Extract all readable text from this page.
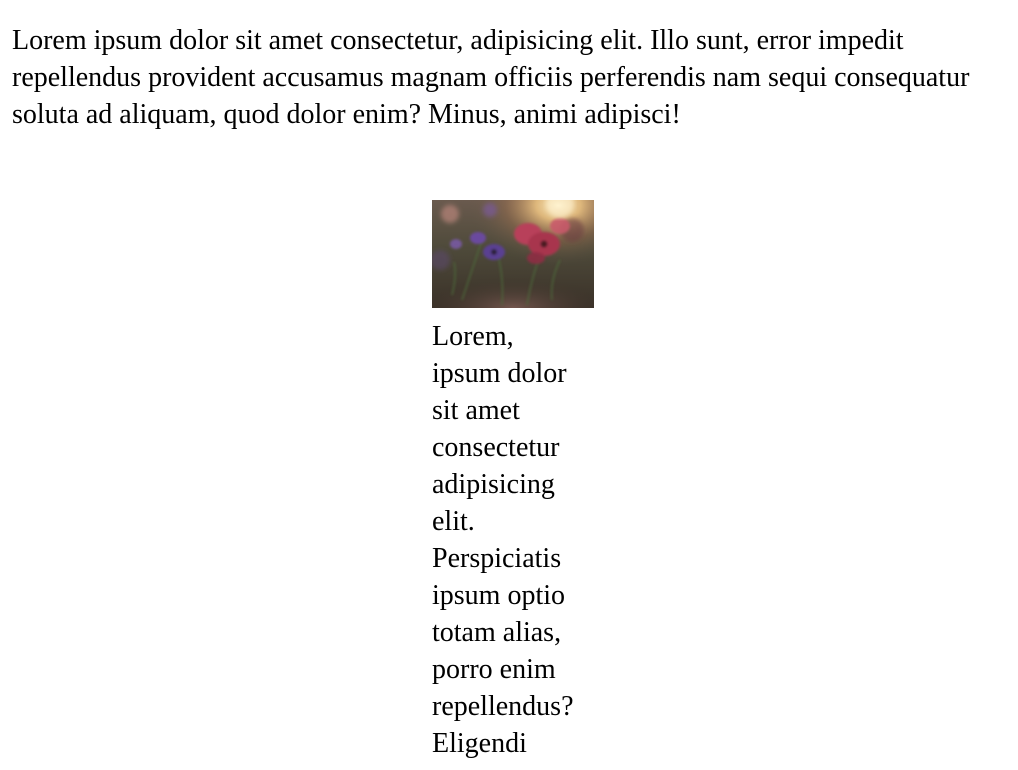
Lorem ipsum dolor sit amet consectetur, adipisicing elit. Illo sunt, error impedit repellendus provident accusamus magnam officiis perferendis nam sequi consequatur soluta ad aliquam, quod dolor enim? Minus, animi adipisci!

Lorem,
ipsum dolor
sit amet
consectetur
adipisicing
elit.
Perspiciatis
ipsum optio
totam alias,
porro enim
repellendus?
Eligendi
